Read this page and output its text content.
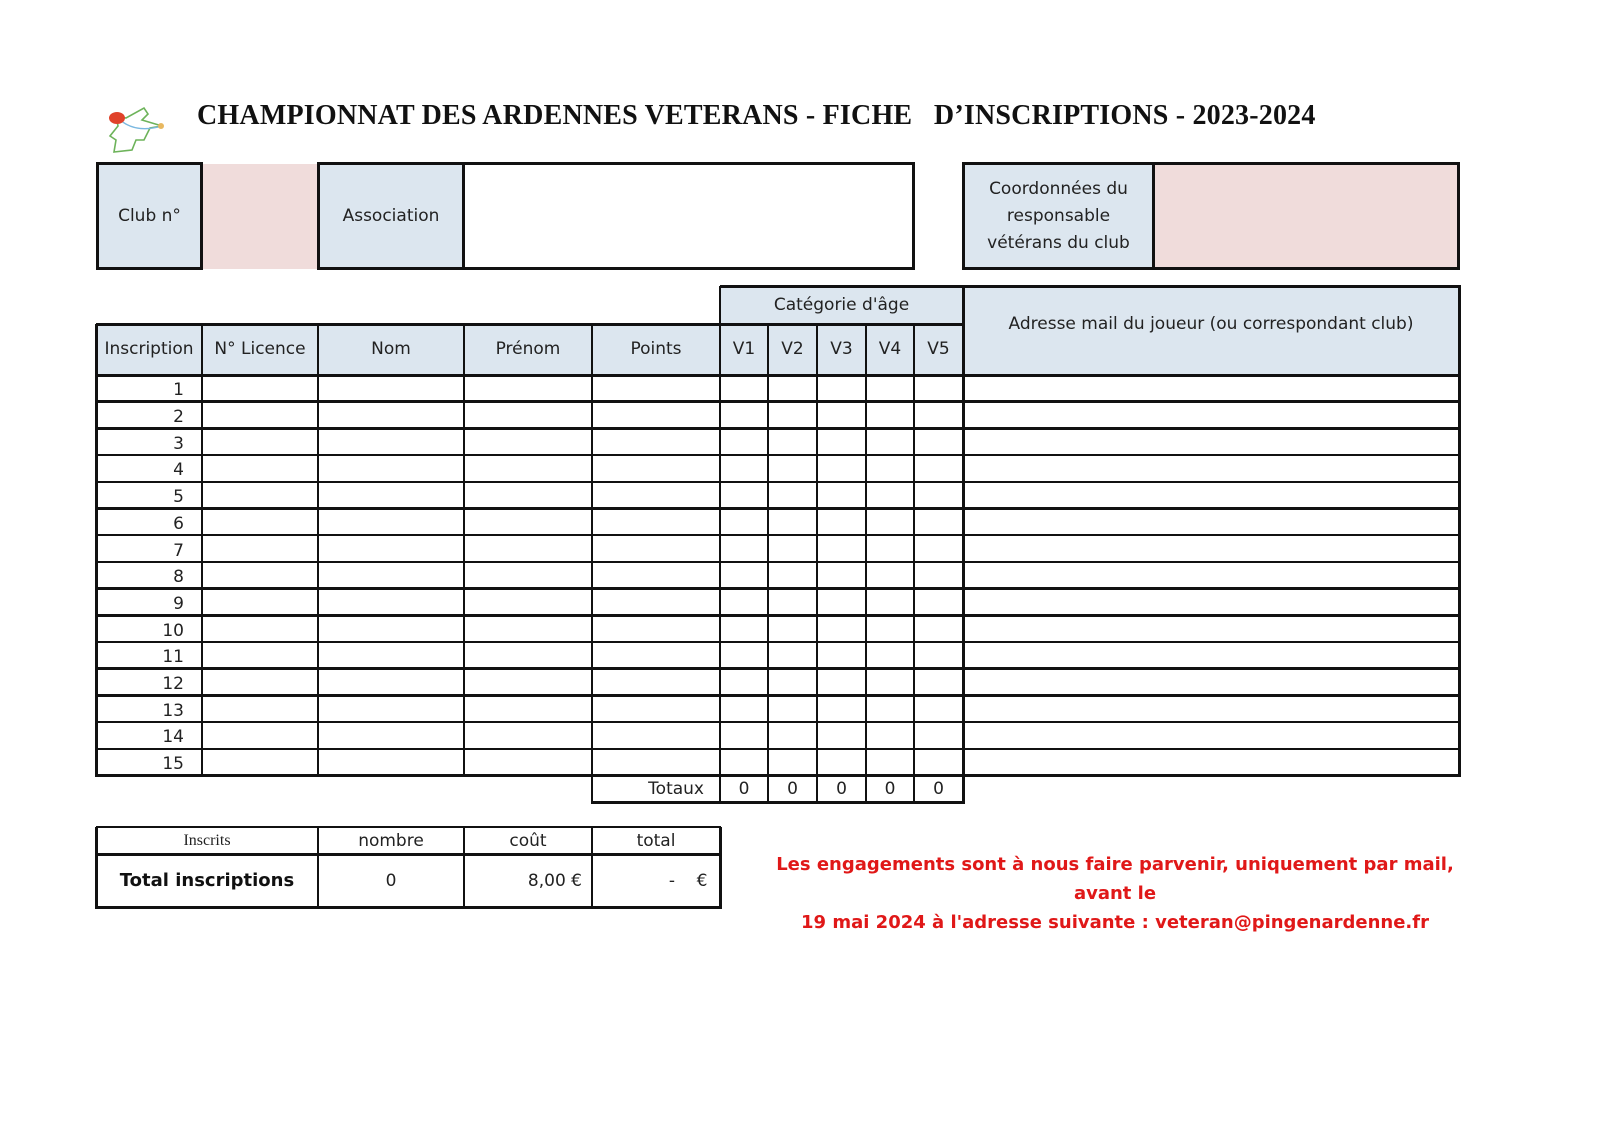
CHAMPIONNAT DES ARDENNES VETERANS - FICHE   D’INSCRIPTIONS - 2023-2024
Club n°	Association
Coordonnées du responsable vétérans du club
Catégorie d'âge
Inscription	N° Licence	Nom	Prénom	Points	V1	V2	V3	V4	V5
Adresse mail du joueur (ou correspondant club)
1
2
3
4
5
6
7
8
9
10
11
12
13
14
15
Totaux	0	0	0	0	0
Inscrits	nombre	coût	total
Total inscriptions	0	8,00 €	-	€
Les engagements sont à nous faire parvenir, uniquement par mail, avant le
19 mai 2024 à l'adresse suivante : veteran@pingenardenne.fr
